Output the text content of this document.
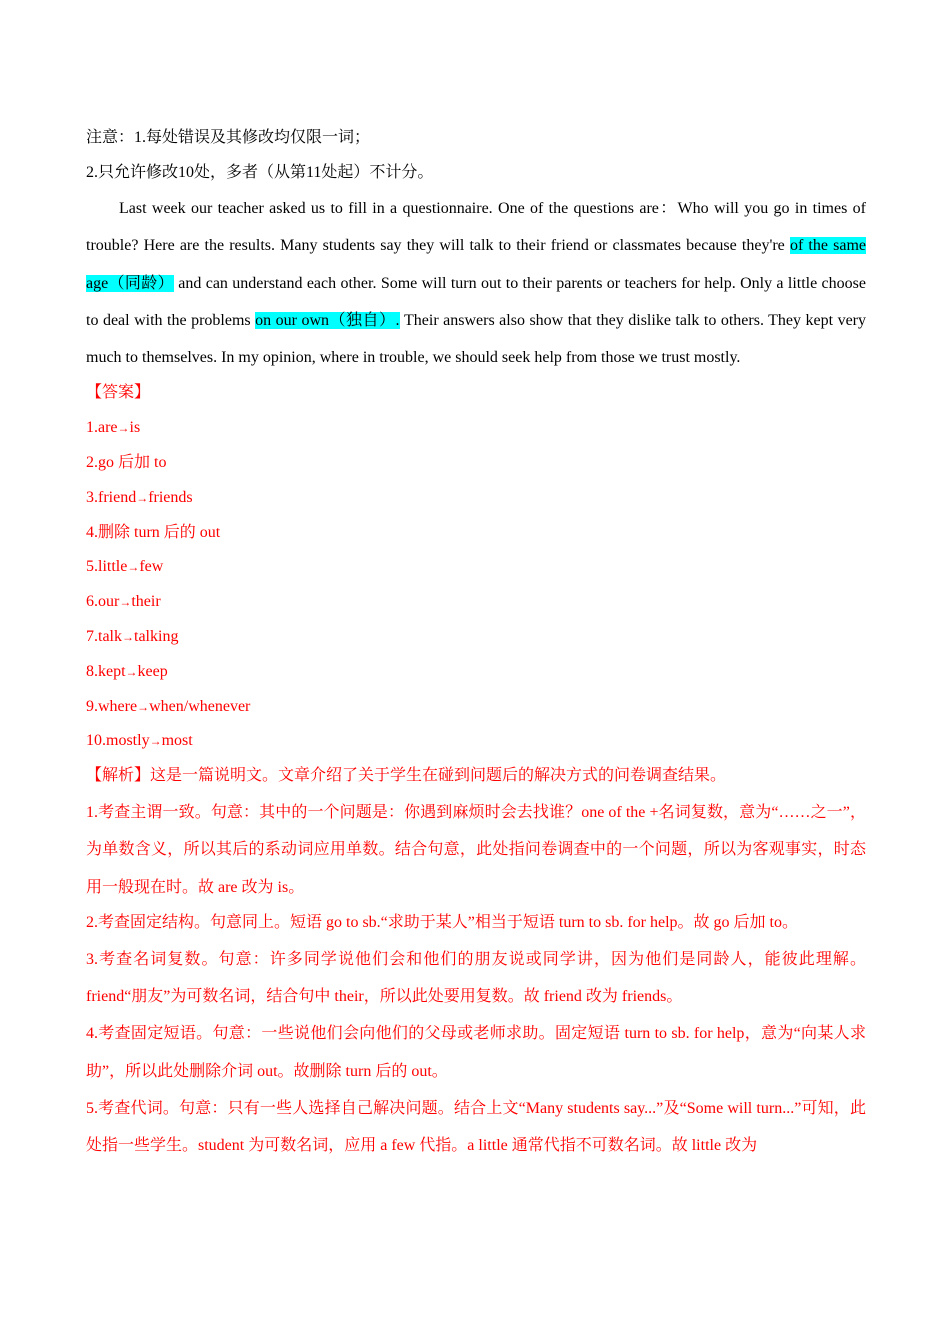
注意：1.每处错误及其修改均仅限一词；
2.只允许修改10处，多者（从第11处起）不计分。

Last week our teacher asked us to fill in a questionnaire. One of the questions are：Who will you go in times of trouble? Here are the results. Many students say they will talk to their friend or classmates because they're of the same age（同龄） and can understand each other. Some will turn out to their parents or teachers for help. Only a little choose to deal with the problems on our own（独自）. Their answers also show that they dislike talk to others. They kept very much to themselves. In my opinion, where in trouble, we should seek help from those we trust mostly.

【答案】
1.are→is
2.go 后加 to
3.friend→friends
4.删除 turn 后的 out
5.little→few
6.our→their
7.talk→talking
8.kept→keep
9.where→when/whenever
10.mostly→most
【解析】这是一篇说明文。文章介绍了关于学生在碰到问题后的解决方式的问卷调查结果。

1.考查主谓一致。句意：其中的一个问题是：你遇到麻烦时会去找谁？one of the +名词复数，意为“……之一”，为单数含义，所以其后的系动词应用单数。结合句意，此处指问卷调查中的一个问题，所以为客观事实，时态用一般现在时。故 are 改为 is。

2.考查固定结构。句意同上。短语 go to sb.“求助于某人”相当于短语 turn to sb. for help。故 go 后加 to。

3.考查名词复数。句意：许多同学说他们会和他们的朋友说或同学讲，因为他们是同龄人，能彼此理解。friend“朋友”为可数名词，结合句中 their，所以此处要用复数。故 friend 改为 friends。

4.考查固定短语。句意：一些说他们会向他们的父母或老师求助。固定短语 turn to sb. for help，意为“向某人求助”，所以此处删除介词 out。故删除 turn 后的 out。

5.考查代词。句意：只有一些人选择自己解决问题。结合上文“Many students say...”及“Some will turn...”可知，此处指一些学生。student 为可数名词，应用 a few 代指。a little 通常代指不可数名词。故 little 改为
